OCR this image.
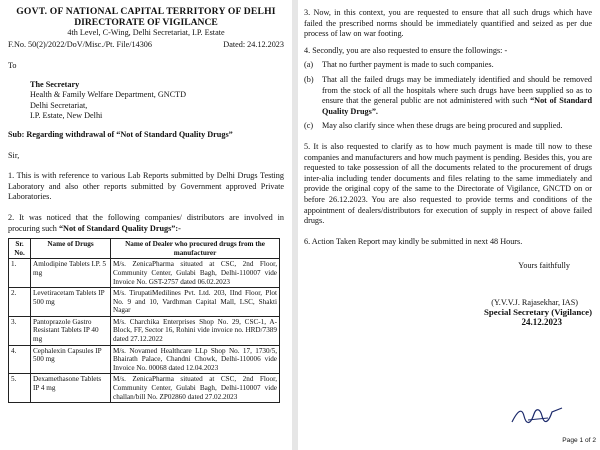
GOVT. OF NATIONAL CAPITAL TERRITORY OF DELHI
DIRECTORATE OF VIGILANCE
4th Level, C-Wing, Delhi Secretariat, I.P. Estate
F.No. 50(2)/2022/DoV/Misc./Pt. File/14306	Dated: 24.12.2023
To
The Secretary
Health & Family Welfare Department, GNCTD
Delhi Secretariat,
I.P. Estate, New Delhi
Sub: Regarding withdrawal of “Not of Standard Quality Drugs”
Sir,

1. This is with reference to various Lab Reports submitted by Delhi Drugs Testing Laboratory and also other reports submitted by Government approved Private Laboratories.

2. It was noticed that the following companies/ distributors are involved in procuring such “Not of Standard Quality Drugs”:-

Sr. No.	Name of Drugs	Name of Dealer who procured drugs from the manufacturer
1.	Amlodipine Tablets I.P. 5 mg	M/s. ZenicaPharma situated at CSC, 2nd Floor, Community Center, Gulabi Bagh, Delhi-110007 vide Invoice No. GST-2757 dated 06.02.2023
2.	Levetiracetam Tablets IP 500 mg	M/s. TirupatiMedilines Pvt. Ltd. 203, IInd Floor, Plot No. 9 and 10, Vardhman Capital Mall, LSC, Shakti Nagar
3.	Pantoprazole Gastro Resistant Tablets IP 40 mg	M/s. Charchika Enterprises Shop No. 29, CSC-1, A-Block, FF, Sector 16, Rohini vide invoice no. HRD/7389 dated 27.12.2022
4.	Cephalexin Capsules IP 500 mg	M/s. Novamed Healthcare LLp Shop No. 17, 1730/5, Bhairath Palace, Chandni Chowk, Delhi-110006 vide Invoice No. 00068 dated 12.04.2023
5.	Dexamethasone Tablets IP 4 mg	M/s. ZenicaPharma situated at CSC, 2nd Floor, Community Center, Gulabi Bagh, Delhi-110007 vide challan/bill No. ZP02860 dated 27.02.2023

3. Now, in this context, you are requested to ensure that all such drugs which have failed the prescribed norms should be immediately quantified and seized as per due process of law on war footing.

4. Secondly, you are also requested to ensure the followings: -

(a)	That no further payment is made to such companies.
(b)	That all the failed drugs may be immediately identified and should be removed from the stock of all the hospitals where such drugs have been supplied so as to ensure that the general public are not administered with such “Not of Standard Quality Drugs”.
(c)	May also clarify since when these drugs are being procured and supplied.

5. It is also requested to clarify as to how much payment is made till now to these companies and manufacturers and how much payment is pending. Besides this, you are requested to take possession of all the documents related to the procurement of drugs inter-alia including tender documents and files relating to the same immediately and provide the original copy of the same to the Directorate of Vigilance, GNCTD on or before 26.12.2023. You are also requested to provide terms and conditions of the appointment of dealers/distributors for execution of supply in respect of above failed drugs.

6. Action Taken Report may kindly be submitted in next 48 Hours.

Yours faithfully
(Y.V.V.J. Rajasekhar, IAS)
Special Secretary (Vigilance)
24.12.2023
Page 1 of 2
